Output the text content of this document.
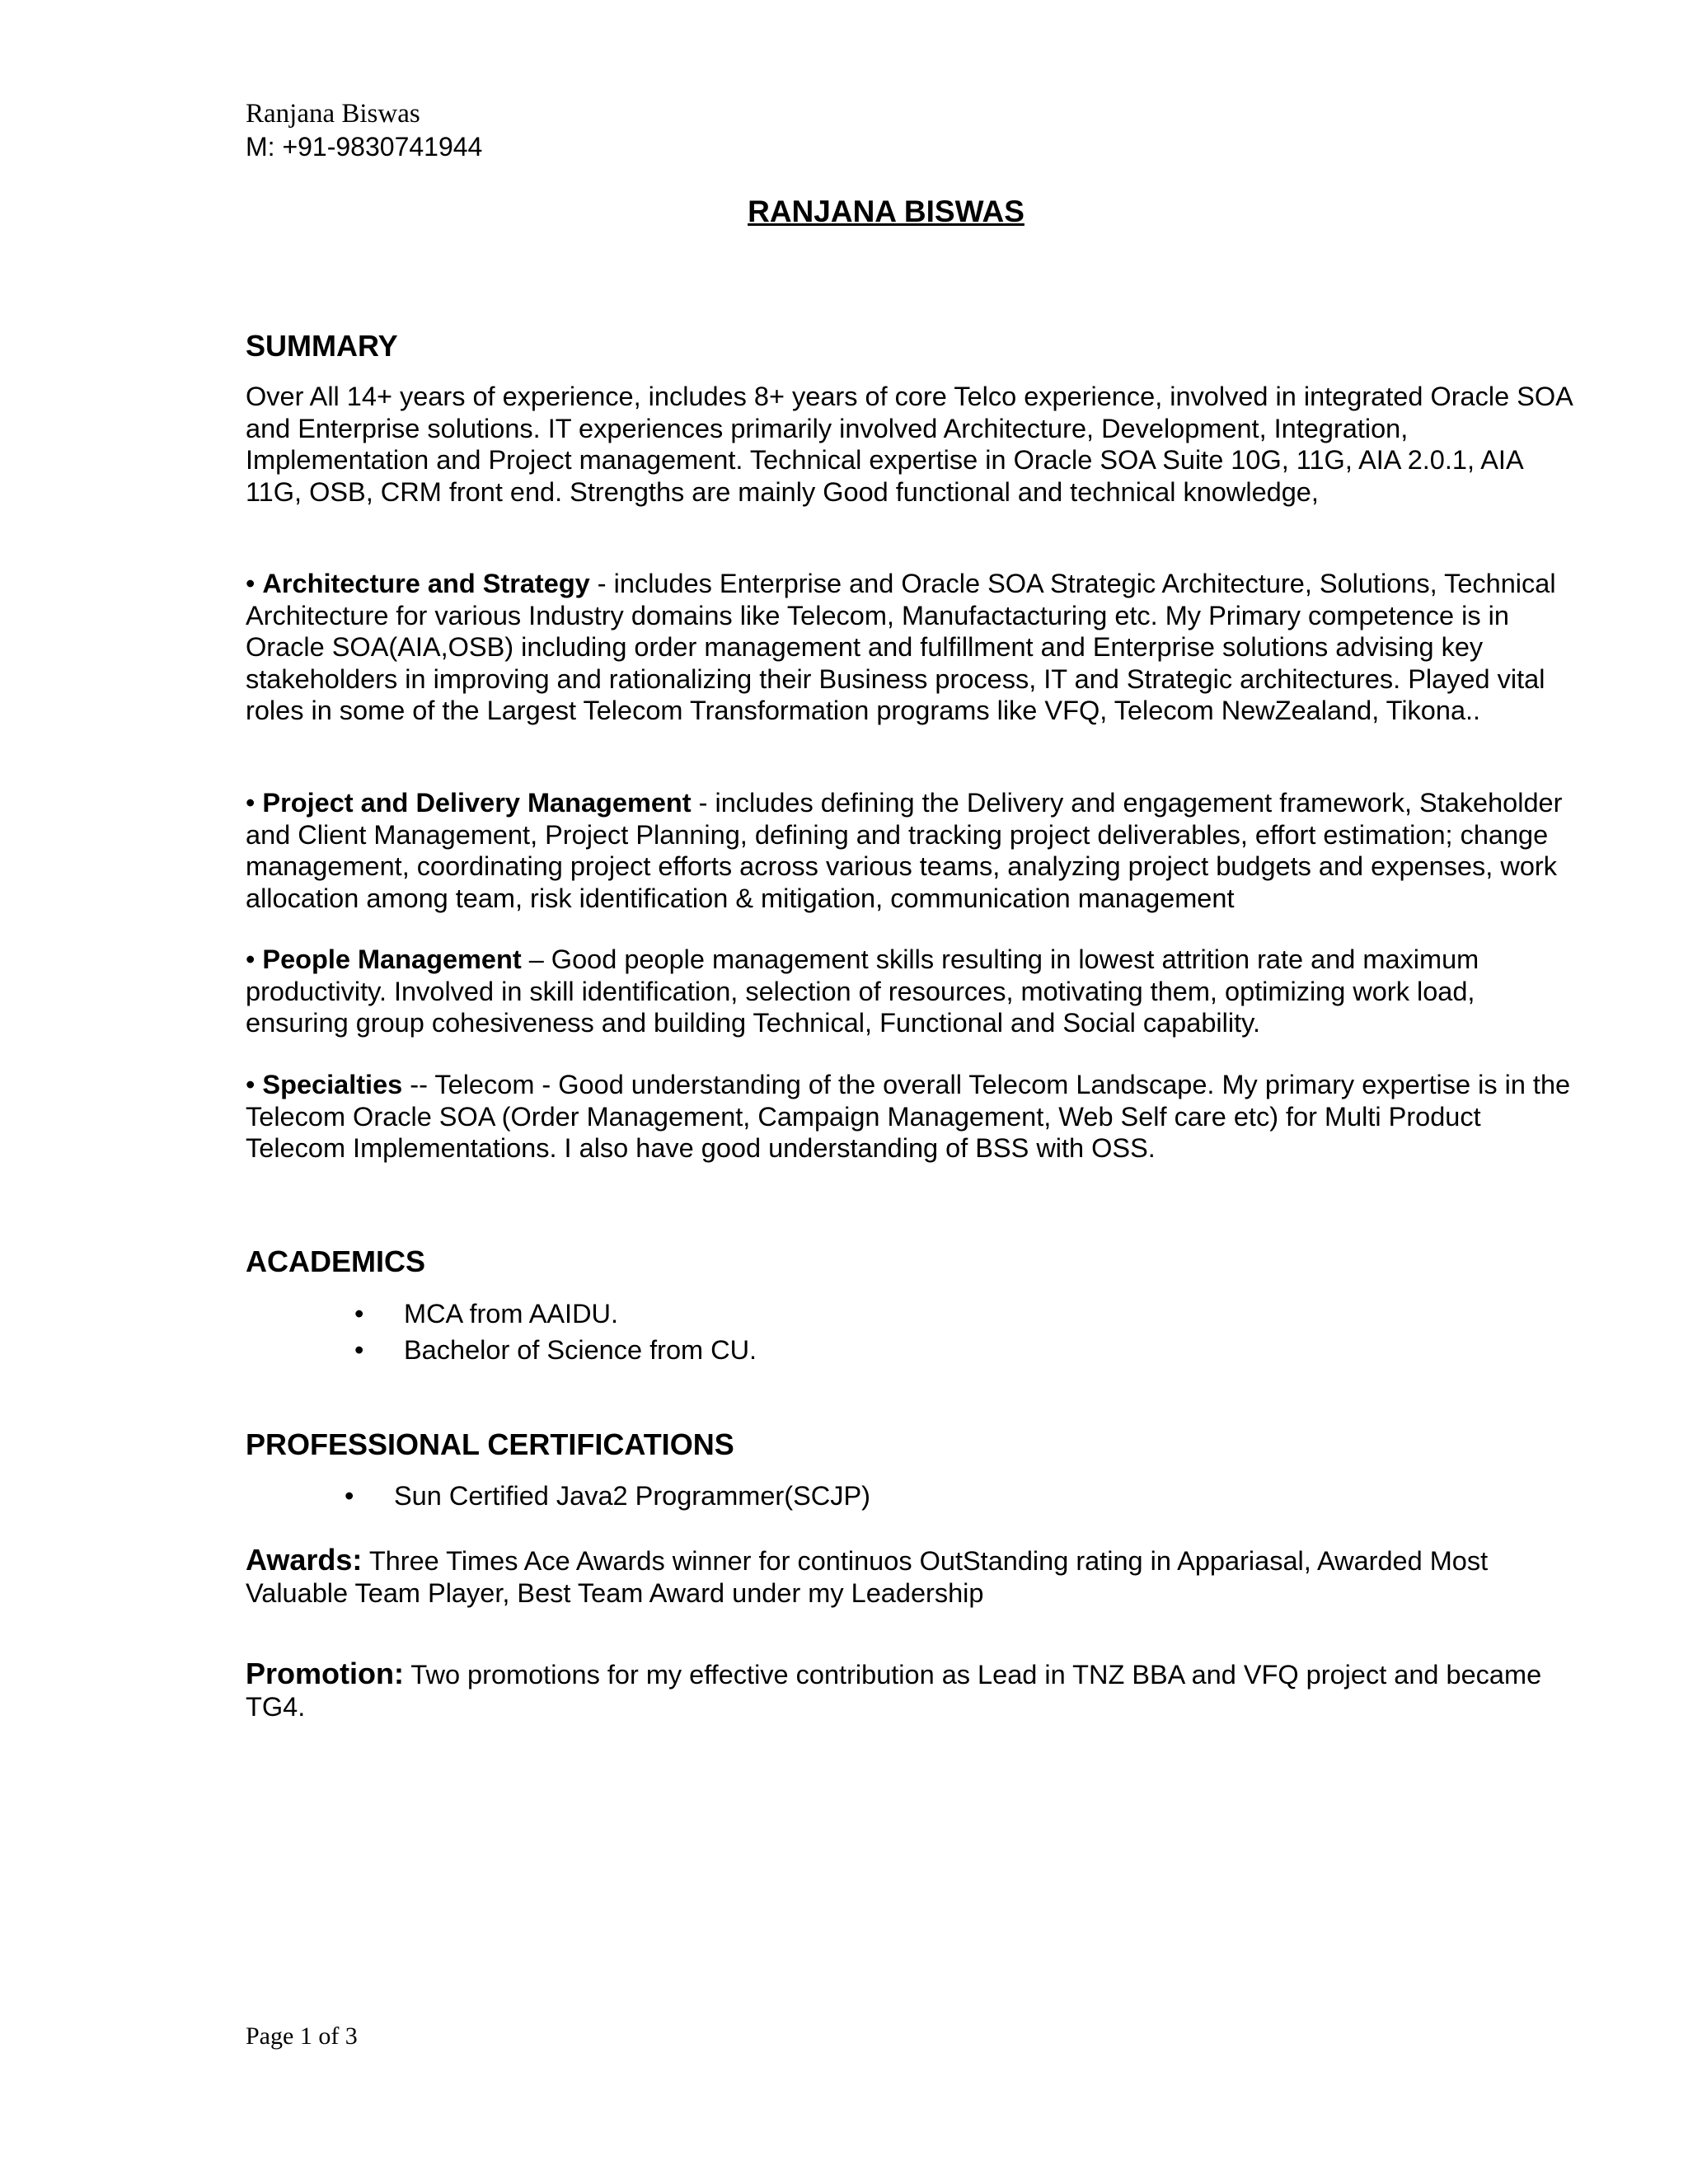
Ranjana Biswas
M: +91-9830741944
RANJANA BISWAS
SUMMARY

Over All 14+ years of experience, includes 8+ years of core Telco experience, involved in integrated Oracle SOA and Enterprise solutions. IT experiences primarily involved Architecture, Development, Integration, Implementation and Project management. Technical expertise in Oracle SOA Suite 10G, 11G, AIA 2.0.1, AIA 11G, OSB, CRM front end. Strengths are mainly Good functional and technical knowledge,

• Architecture and Strategy - includes Enterprise and Oracle SOA Strategic Architecture, Solutions, Technical Architecture for various Industry domains like Telecom, Manufactacturing etc. My Primary competence is in Oracle SOA(AIA,OSB) including order management and fulfillment and Enterprise solutions advising key stakeholders in improving and rationalizing their Business process, IT and Strategic architectures. Played vital roles in some of the Largest Telecom Transformation programs like VFQ, Telecom NewZealand, Tikona..

• Project and Delivery Management - includes defining the Delivery and engagement framework, Stakeholder and Client Management, Project Planning, defining and tracking project deliverables, effort estimation; change management, coordinating project efforts across various teams, analyzing project budgets and expenses, work allocation among team, risk identification & mitigation, communication management

• People Management – Good people management skills resulting in lowest attrition rate and maximum productivity. Involved in skill identification, selection of resources, motivating them, optimizing work load, ensuring group cohesiveness and building Technical, Functional and Social capability.

• Specialties -- Telecom - Good understanding of the overall Telecom Landscape. My primary expertise is in the Telecom Oracle SOA (Order Management, Campaign Management, Web Self care etc) for Multi Product Telecom Implementations. I also have good understanding of BSS with OSS.

ACADEMICS
• MCA from AAIDU.
• Bachelor of Science from CU.
PROFESSIONAL CERTIFICATIONS
• Sun Certified Java2 Programmer(SCJP)
Awards: Three Times Ace Awards winner for continuos OutStanding rating in Appariasal, Awarded Most Valuable Team Player, Best Team Award under my Leadership
Promotion: Two promotions for my effective contribution as Lead in TNZ BBA and VFQ project and became TG4.
Page 1 of 3
